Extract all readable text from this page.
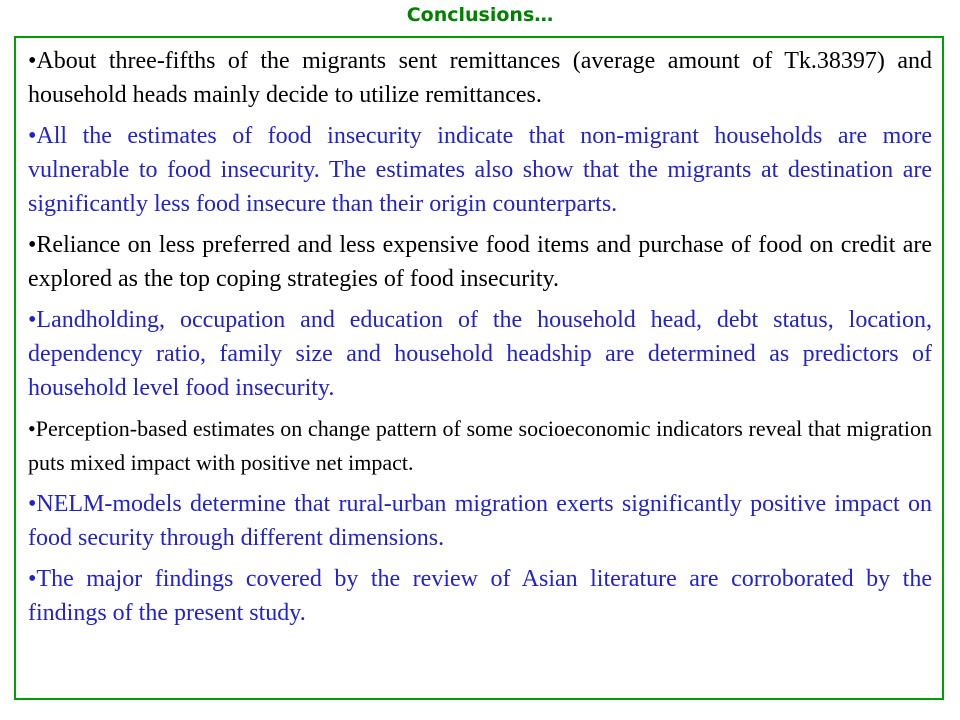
Conclusions…

•About three-fifths of the migrants sent remittances (average amount of Tk.38397) and household heads mainly decide to utilize remittances.

•All the estimates of food insecurity indicate that non-migrant households are more vulnerable to food insecurity. The estimates also show that the migrants at destination are significantly less food insecure than their origin counterparts.

•Reliance on less preferred and less expensive food items and purchase of food on credit are explored as the top coping strategies of food insecurity.

•Landholding, occupation and education of the household head, debt status, location, dependency ratio, family size and household headship are determined as predictors of household level food insecurity.

•Perception-based estimates on change pattern of some socioeconomic indicators reveal that migration puts mixed impact with positive net impact.

•NELM-models determine that rural-urban migration exerts significantly positive impact on food security through different dimensions.

•The major findings covered by the review of Asian literature are corroborated by the findings of the present study.
